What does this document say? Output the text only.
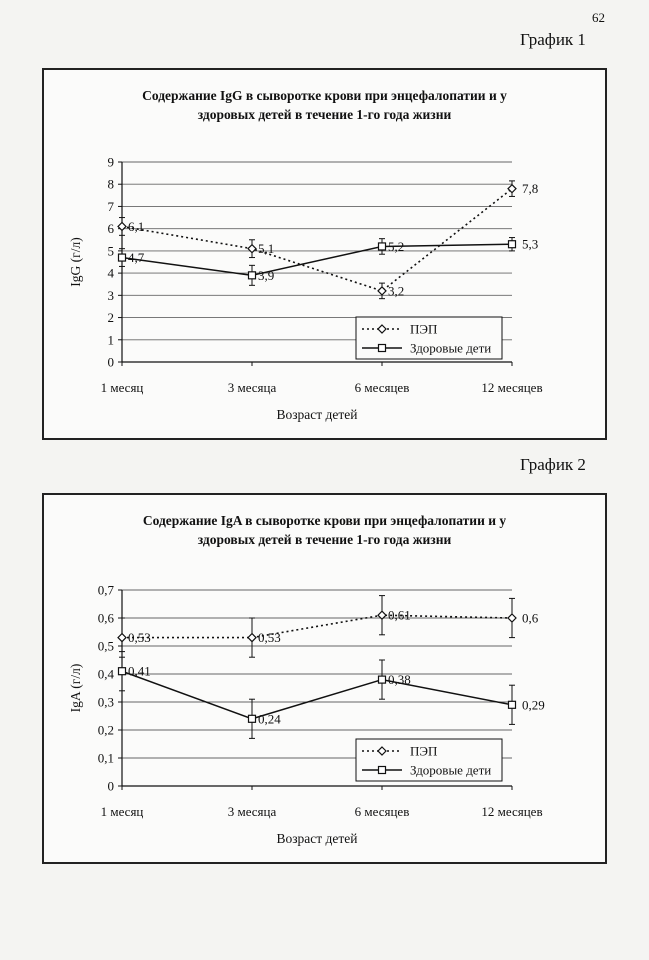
62
График 1
График 2
Содержание IgG в сыворотке крови при энцефалопатии и у
здоровых детей в течение 1-го года жизни
0
1
2
3
4
5
6
7
8
9
1 месяц	3 месяца	6 месяцев	12 месяцев
Возраст детей
IgG (г/л)
6,1
5,1
3,2
7,8
4,7
3,9
5,2	5,3
ПЭП
Здоровые дети
Содержание IgA в сыворотке крови при энцефалопатии и у
здоровых детей в течение 1-го года жизни
0
0,1
0,2
0,3
0,4
0,5
0,6
0,7
1 месяц	3 месяца	6 месяцев	12 месяцев
Возраст детей
IgA (г/л)
0,53	0,53
0,61	0,6
0,41
0,24
0,38
0,29
ПЭП
Здоровые дети
